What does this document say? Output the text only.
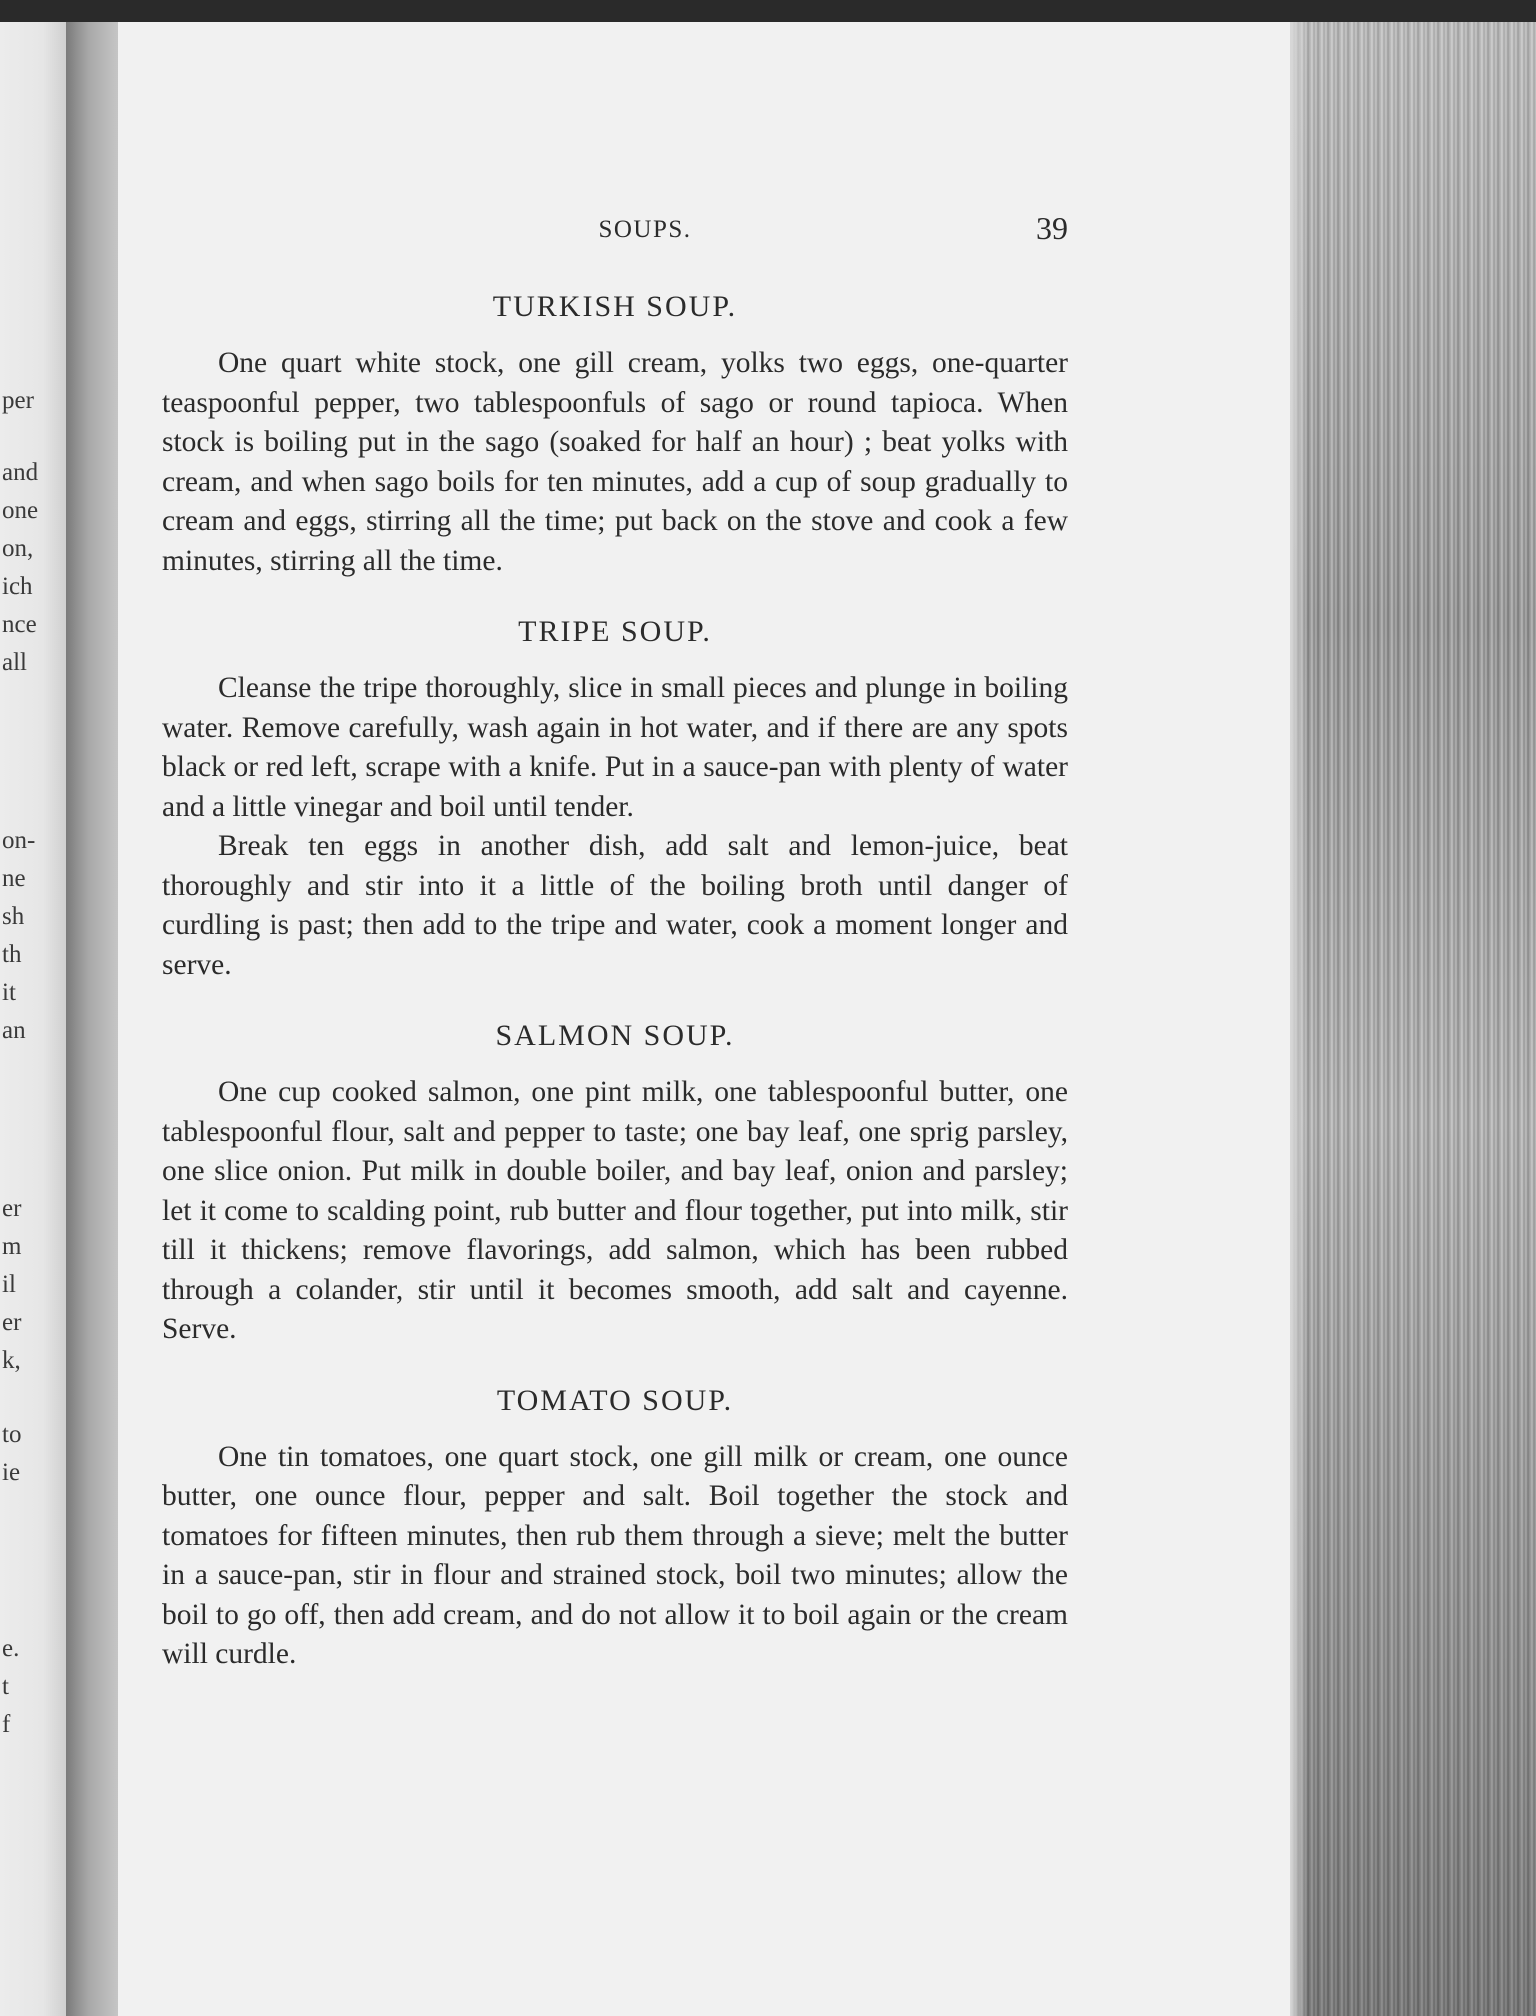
per
and
one
on,
ich
nce
all
on-
ne
sh
th
it
an
er
m
il
er
k,
to
ie
e.
t
f
SOUPS.	39
TURKISH SOUP.

One quart white stock, one gill cream, yolks two eggs, one-quarter teaspoonful pepper, two tablespoonfuls of sago or round tapioca. When stock is boiling put in the sago (soaked for half an hour) ; beat yolks with cream, and when sago boils for ten minutes, add a cup of soup gradually to cream and eggs, stirring all the time; put back on the stove and cook a few minutes, stirring all the time.

TRIPE SOUP.

Cleanse the tripe thoroughly, slice in small pieces and plunge in boiling water. Remove carefully, wash again in hot water, and if there are any spots black or red left, scrape with a knife. Put in a sauce-pan with plenty of water and a little vinegar and boil until tender.

Break ten eggs in another dish, add salt and lemon-juice, beat thoroughly and stir into it a little of the boiling broth until danger of curdling is past; then add to the tripe and water, cook a moment longer and serve.

SALMON SOUP.

One cup cooked salmon, one pint milk, one tablespoonful butter, one tablespoonful flour, salt and pepper to taste; one bay leaf, one sprig parsley, one slice onion. Put milk in double boiler, and bay leaf, onion and parsley; let it come to scalding point, rub butter and flour together, put into milk, stir till it thickens; remove flavorings, add salmon, which has been rubbed through a colander, stir until it becomes smooth, add salt and cayenne. Serve.

TOMATO SOUP.

One tin tomatoes, one quart stock, one gill milk or cream, one ounce butter, one ounce flour, pepper and salt. Boil together the stock and tomatoes for fifteen minutes, then rub them through a sieve; melt the butter in a sauce-pan, stir in flour and strained stock, boil two minutes; allow the boil to go off, then add cream, and do not allow it to boil again or the cream will curdle.
